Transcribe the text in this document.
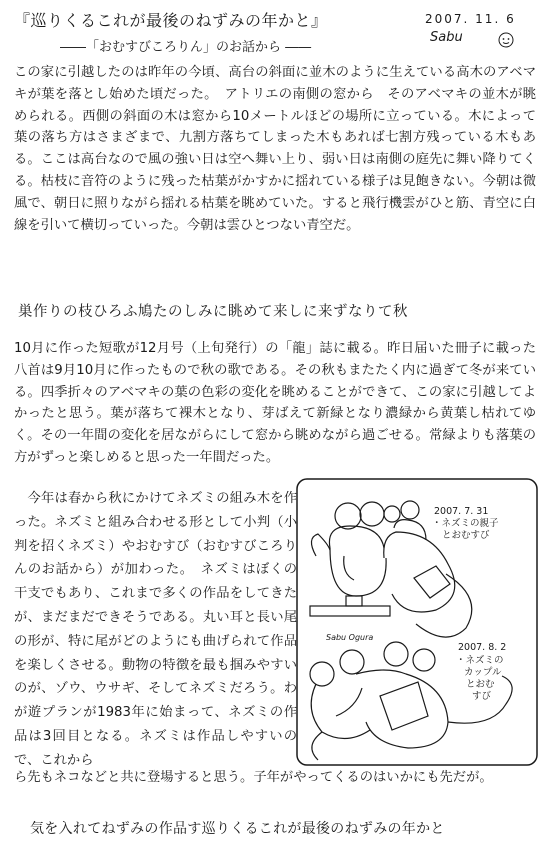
『巡りくるこれが最後のねずみの年かと』
――「おむすびころりん」のお話から ――
2007. 11. 6
Sabu
この家に引越したのは昨年の今頃、高台の斜面に並木のように生えている高木のアベマキが葉を落とし始めた頃だった。　アトリエの南側の窓から　そのアベマキの並木が眺められる。西側の斜面の木は窓から10メートルほどの場所に立っている。木によって葉の落ち方はさまざまで、九割方落ちてしまった木もあれば七割方残っている木もある。ここは高台なので風の強い日は空へ舞い上り、弱い日は南側の庭先に舞い降りてくる。枯枝に音符のように残った枯葉がかすかに揺れている様子は見飽きない。今朝は微風で、朝日に照りながら揺れる枯葉を眺めていた。すると飛行機雲がひと筋、青空に白線を引いて横切っていった。今朝は雲ひとつない青空だ。
巣作りの枝ひろふ鳩たのしみに眺めて来しに来ずなりて秋
10月に作った短歌が12月号（上旬発行）の「龍」誌に載る。昨日届いた冊子に載った八首は9月10月に作ったもので秋の歌である。その秋もまたたく内に過ぎて冬が来ている。四季折々のアベマキの葉の色彩の変化を眺めることができて、この家に引越してよかったと思う。葉が落ちて裸木となり、芽ばえて新緑となり濃緑から黄葉し枯れてゆく。その一年間の変化を居ながらにして窓から眺めながら過ごせる。常緑よりも落葉の方がずっと楽しめると思った一年間だった。
　今年は春から秋にかけてネズミの組み木を作った。ネズミと組み合わせる形として小判（小判を招くネズミ）やおむすび（おむすびころりんのお話から）が加わった。　ネズミはぼくの干支でもあり、これまで多くの作品をしてきたが、まだまだできそうである。丸い耳と長い尾の形が、特に尾がどのようにも曲げられて作品を楽しくさせる。動物の特徴を最も掴みやすいのが、ゾウ、ウサギ、そしてネズミだろう。わが遊プランが1983年に始まって、ネズミの作品は3回目となる。ネズミは作品しやすいので、これから
2007. 7. 31
・ネズミの親子
とおむすび
2007. 8. 2
・ネズミの
カップル
とおむ
すび
Sabu Ogura
ら先もネコなどと共に登場すると思う。子年がやってくるのはいかにも先だが。
気を入れてねずみの作品す巡りくるこれが最後のねずみの年かと
